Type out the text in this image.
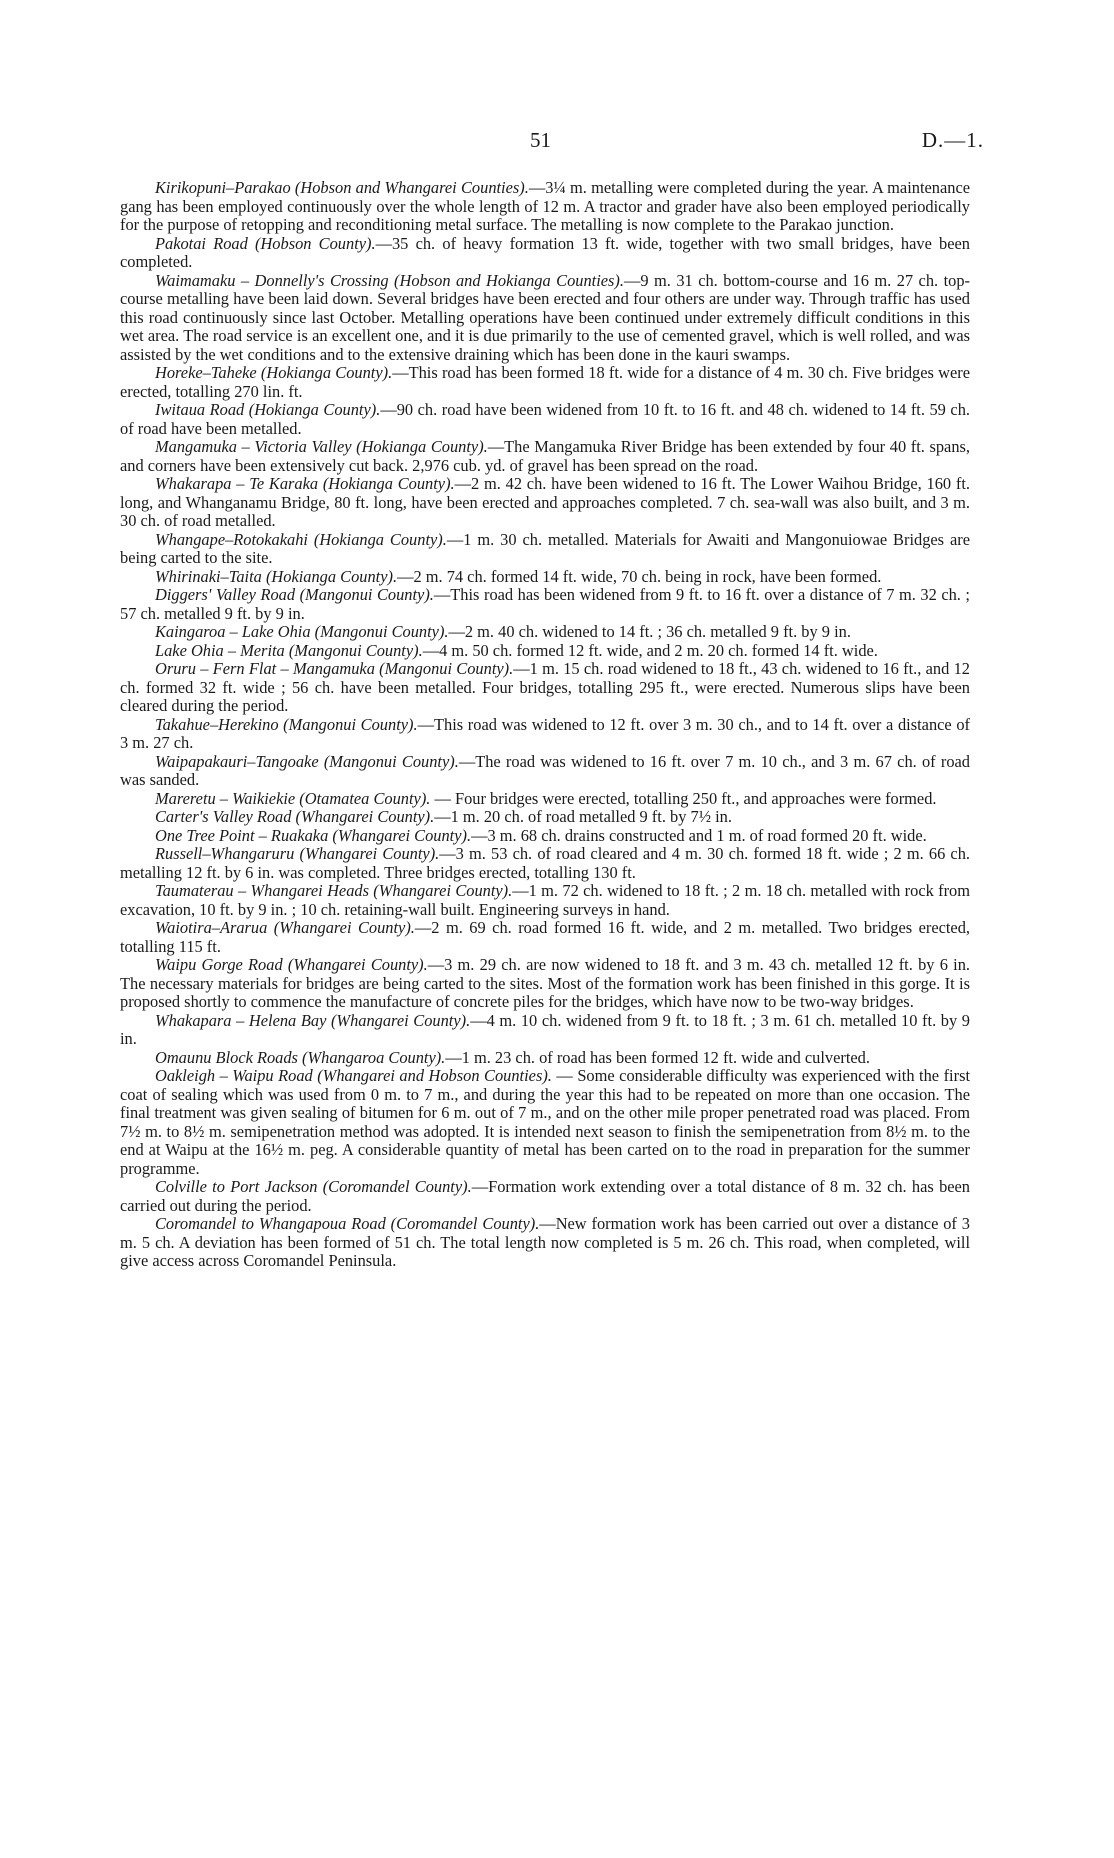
51	D.—1.

Kirikopuni–Parakao (Hobson and Whangarei Counties).—3¼ m. metalling were completed during the year. A maintenance gang has been employed continuously over the whole length of 12 m. A tractor and grader have also been employed periodically for the purpose of retopping and reconditioning metal surface. The metalling is now complete to the Parakao junction.

Pakotai Road (Hobson County).—35 ch. of heavy formation 13 ft. wide, together with two small bridges, have been completed.

Waimamaku – Donnelly's Crossing (Hobson and Hokianga Counties).—9 m. 31 ch. bottom-course and 16 m. 27 ch. top-course metalling have been laid down. Several bridges have been erected and four others are under way. Through traffic has used this road continuously since last October. Metalling operations have been continued under extremely difficult conditions in this wet area. The road service is an excellent one, and it is due primarily to the use of cemented gravel, which is well rolled, and was assisted by the wet conditions and to the extensive draining which has been done in the kauri swamps.

Horeke–Taheke (Hokianga County).—This road has been formed 18 ft. wide for a distance of 4 m. 30 ch. Five bridges were erected, totalling 270 lin. ft.

Iwitaua Road (Hokianga County).—90 ch. road have been widened from 10 ft. to 16 ft. and 48 ch. widened to 14 ft. 59 ch. of road have been metalled.

Mangamuka – Victoria Valley (Hokianga County).—The Mangamuka River Bridge has been extended by four 40 ft. spans, and corners have been extensively cut back. 2,976 cub. yd. of gravel has been spread on the road.

Whakarapa – Te Karaka (Hokianga County).—2 m. 42 ch. have been widened to 16 ft. The Lower Waihou Bridge, 160 ft. long, and Whanganamu Bridge, 80 ft. long, have been erected and approaches completed. 7 ch. sea-wall was also built, and 3 m. 30 ch. of road metalled.

Whangape–Rotokakahi (Hokianga County).—1 m. 30 ch. metalled. Materials for Awaiti and Mangonuiowae Bridges are being carted to the site.

Whirinaki–Taita (Hokianga County).—2 m. 74 ch. formed 14 ft. wide, 70 ch. being in rock, have been formed.

Diggers' Valley Road (Mangonui County).—This road has been widened from 9 ft. to 16 ft. over a distance of 7 m. 32 ch. ; 57 ch. metalled 9 ft. by 9 in.

Kaingaroa – Lake Ohia (Mangonui County).—2 m. 40 ch. widened to 14 ft. ; 36 ch. metalled 9 ft. by 9 in.

Lake Ohia – Merita (Mangonui County).—4 m. 50 ch. formed 12 ft. wide, and 2 m. 20 ch. formed 14 ft. wide.

Oruru – Fern Flat – Mangamuka (Mangonui County).—1 m. 15 ch. road widened to 18 ft., 43 ch. widened to 16 ft., and 12 ch. formed 32 ft. wide ; 56 ch. have been metalled. Four bridges, totalling 295 ft., were erected. Numerous slips have been cleared during the period.

Takahue–Herekino (Mangonui County).—This road was widened to 12 ft. over 3 m. 30 ch., and to 14 ft. over a distance of 3 m. 27 ch.

Waipapakauri–Tangoake (Mangonui County).—The road was widened to 16 ft. over 7 m. 10 ch., and 3 m. 67 ch. of road was sanded.

Mareretu – Waikiekie (Otamatea County). — Four bridges were erected, totalling 250 ft., and approaches were formed.

Carter's Valley Road (Whangarei County).—1 m. 20 ch. of road metalled 9 ft. by 7½ in.

One Tree Point – Ruakaka (Whangarei County).—3 m. 68 ch. drains constructed and 1 m. of road formed 20 ft. wide.

Russell–Whangaruru (Whangarei County).—3 m. 53 ch. of road cleared and 4 m. 30 ch. formed 18 ft. wide ; 2 m. 66 ch. metalling 12 ft. by 6 in. was completed. Three bridges erected, totalling 130 ft.

Taumaterau – Whangarei Heads (Whangarei County).—1 m. 72 ch. widened to 18 ft. ; 2 m. 18 ch. metalled with rock from excavation, 10 ft. by 9 in. ; 10 ch. retaining-wall built. Engineering surveys in hand.

Waiotira–Ararua (Whangarei County).—2 m. 69 ch. road formed 16 ft. wide, and 2 m. metalled. Two bridges erected, totalling 115 ft.

Waipu Gorge Road (Whangarei County).—3 m. 29 ch. are now widened to 18 ft. and 3 m. 43 ch. metalled 12 ft. by 6 in. The necessary materials for bridges are being carted to the sites. Most of the formation work has been finished in this gorge. It is proposed shortly to commence the manufacture of concrete piles for the bridges, which have now to be two-way bridges.

Whakapara – Helena Bay (Whangarei County).—4 m. 10 ch. widened from 9 ft. to 18 ft. ; 3 m. 61 ch. metalled 10 ft. by 9 in.

Omaunu Block Roads (Whangaroa County).—1 m. 23 ch. of road has been formed 12 ft. wide and culverted.

Oakleigh – Waipu Road (Whangarei and Hobson Counties). — Some considerable difficulty was experienced with the first coat of sealing which was used from 0 m. to 7 m., and during the year this had to be repeated on more than one occasion. The final treatment was given sealing of bitumen for 6 m. out of 7 m., and on the other mile proper penetrated road was placed. From 7½ m. to 8½ m. semipenetration method was adopted. It is intended next season to finish the semipenetration from 8½ m. to the end at Waipu at the 16½ m. peg. A considerable quantity of metal has been carted on to the road in preparation for the summer programme.

Colville to Port Jackson (Coromandel County).—Formation work extending over a total distance of 8 m. 32 ch. has been carried out during the period.

Coromandel to Whangapoua Road (Coromandel County).—New formation work has been carried out over a distance of 3 m. 5 ch. A deviation has been formed of 51 ch. The total length now completed is 5 m. 26 ch. This road, when completed, will give access across Coromandel Peninsula.
